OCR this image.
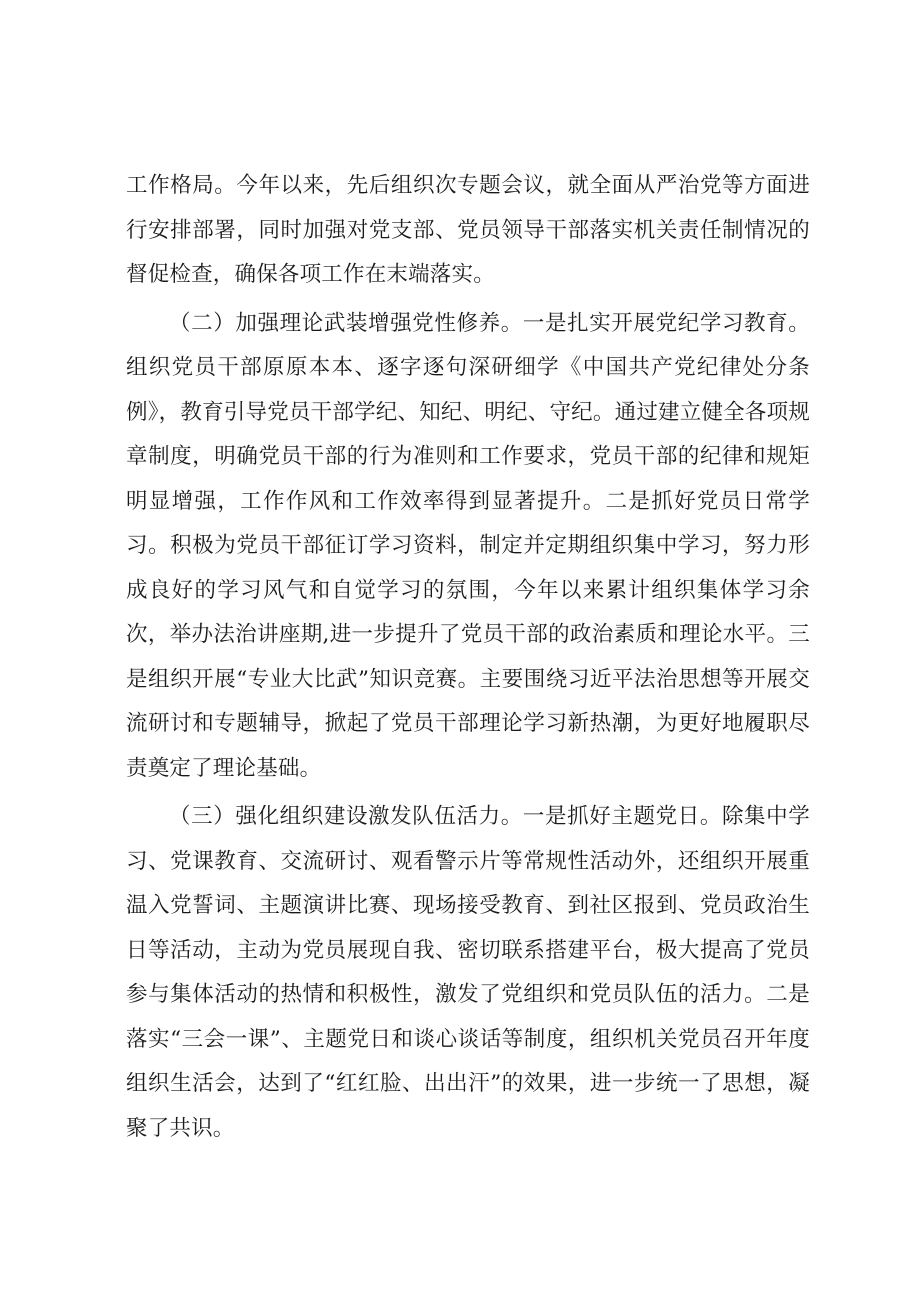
工作格局。今年以来，先后组织次专题会议，就全面从严治党等方面进行安排部署，同时加强对党支部、党员领导干部落实机关责任制情况的督促检查，确保各项工作在末端落实。

（二）加强理论武装增强党性修养。一是扎实开展党纪学习教育。组织党员干部原原本本、逐字逐句深研细学《中国共产党纪律处分条例》，教育引导党员干部学纪、知纪、明纪、守纪。通过建立健全各项规章制度，明确党员干部的行为准则和工作要求，党员干部的纪律和规矩明显增强，工作作风和工作效率得到显著提升。二是抓好党员日常学习。积极为党员干部征订学习资料，制定并定期组织集中学习，努力形成良好的学习风气和自觉学习的氛围，今年以来累计组织集体学习余次，举办法治讲座期,进一步提升了党员干部的政治素质和理论水平。三是组织开展“专业大比武”知识竞赛。主要围绕习近平法治思想等开展交流研讨和专题辅导，掀起了党员干部理论学习新热潮，为更好地履职尽责奠定了理论基础。

（三）强化组织建设激发队伍活力。一是抓好主题党日。除集中学习、党课教育、交流研讨、观看警示片等常规性活动外，还组织开展重温入党誓词、主题演讲比赛、现场接受教育、到社区报到、党员政治生日等活动，主动为党员展现自我、密切联系搭建平台，极大提高了党员参与集体活动的热情和积极性，激发了党组织和党员队伍的活力。二是落实“三会一课”、主题党日和谈心谈话等制度，组织机关党员召开年度组织生活会，达到了“红红脸、出出汗”的效果，进一步统一了思想，凝聚了共识。
